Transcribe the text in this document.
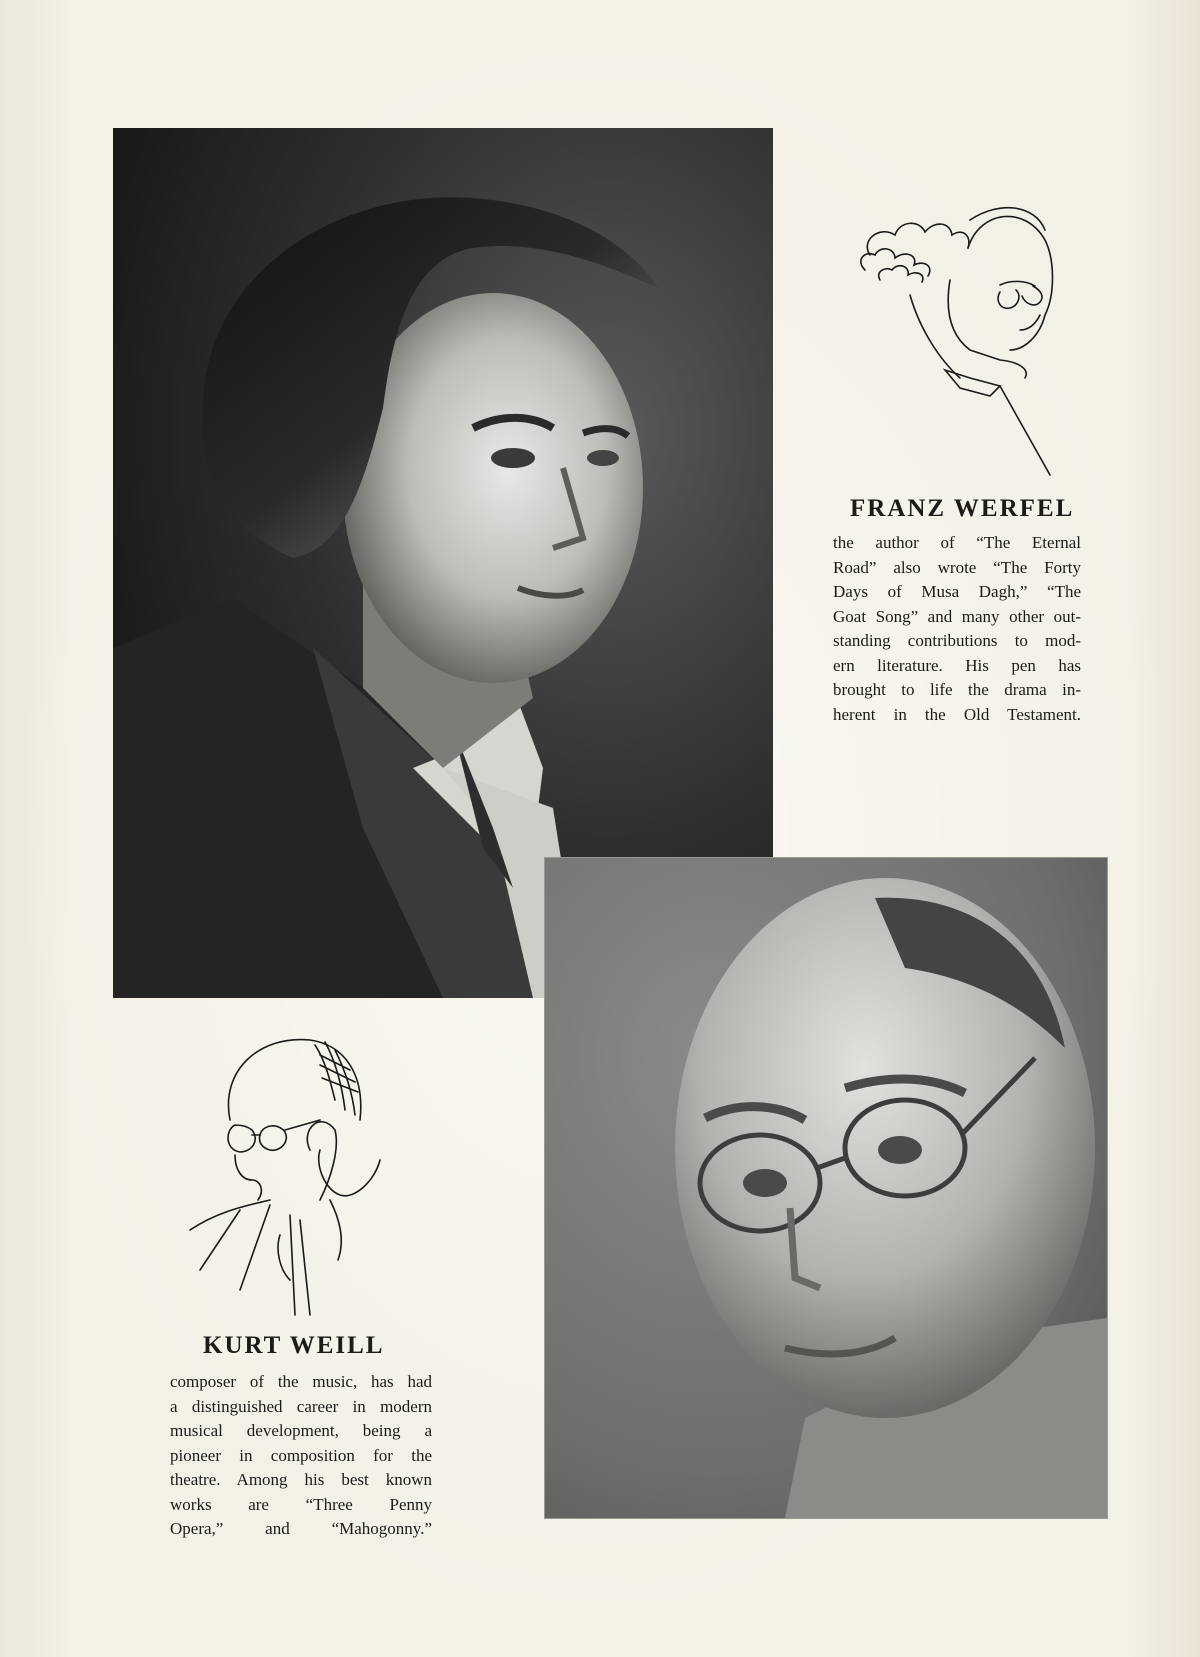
FRANZ WERFEL

the author of “The Eternal
Road” also wrote “The Forty
Days of Musa Dagh,” “The
Goat Song” and many other out-
standing contributions to mod-
ern literature. His pen has
brought to life the drama in-
herent in the Old Testament.

KURT WEILL

composer of the music, has had
a distinguished career in modern
musical development, being a
pioneer in composition for the
theatre. Among his best known
works are “Three Penny
Opera,” and “Mahogonny.”
